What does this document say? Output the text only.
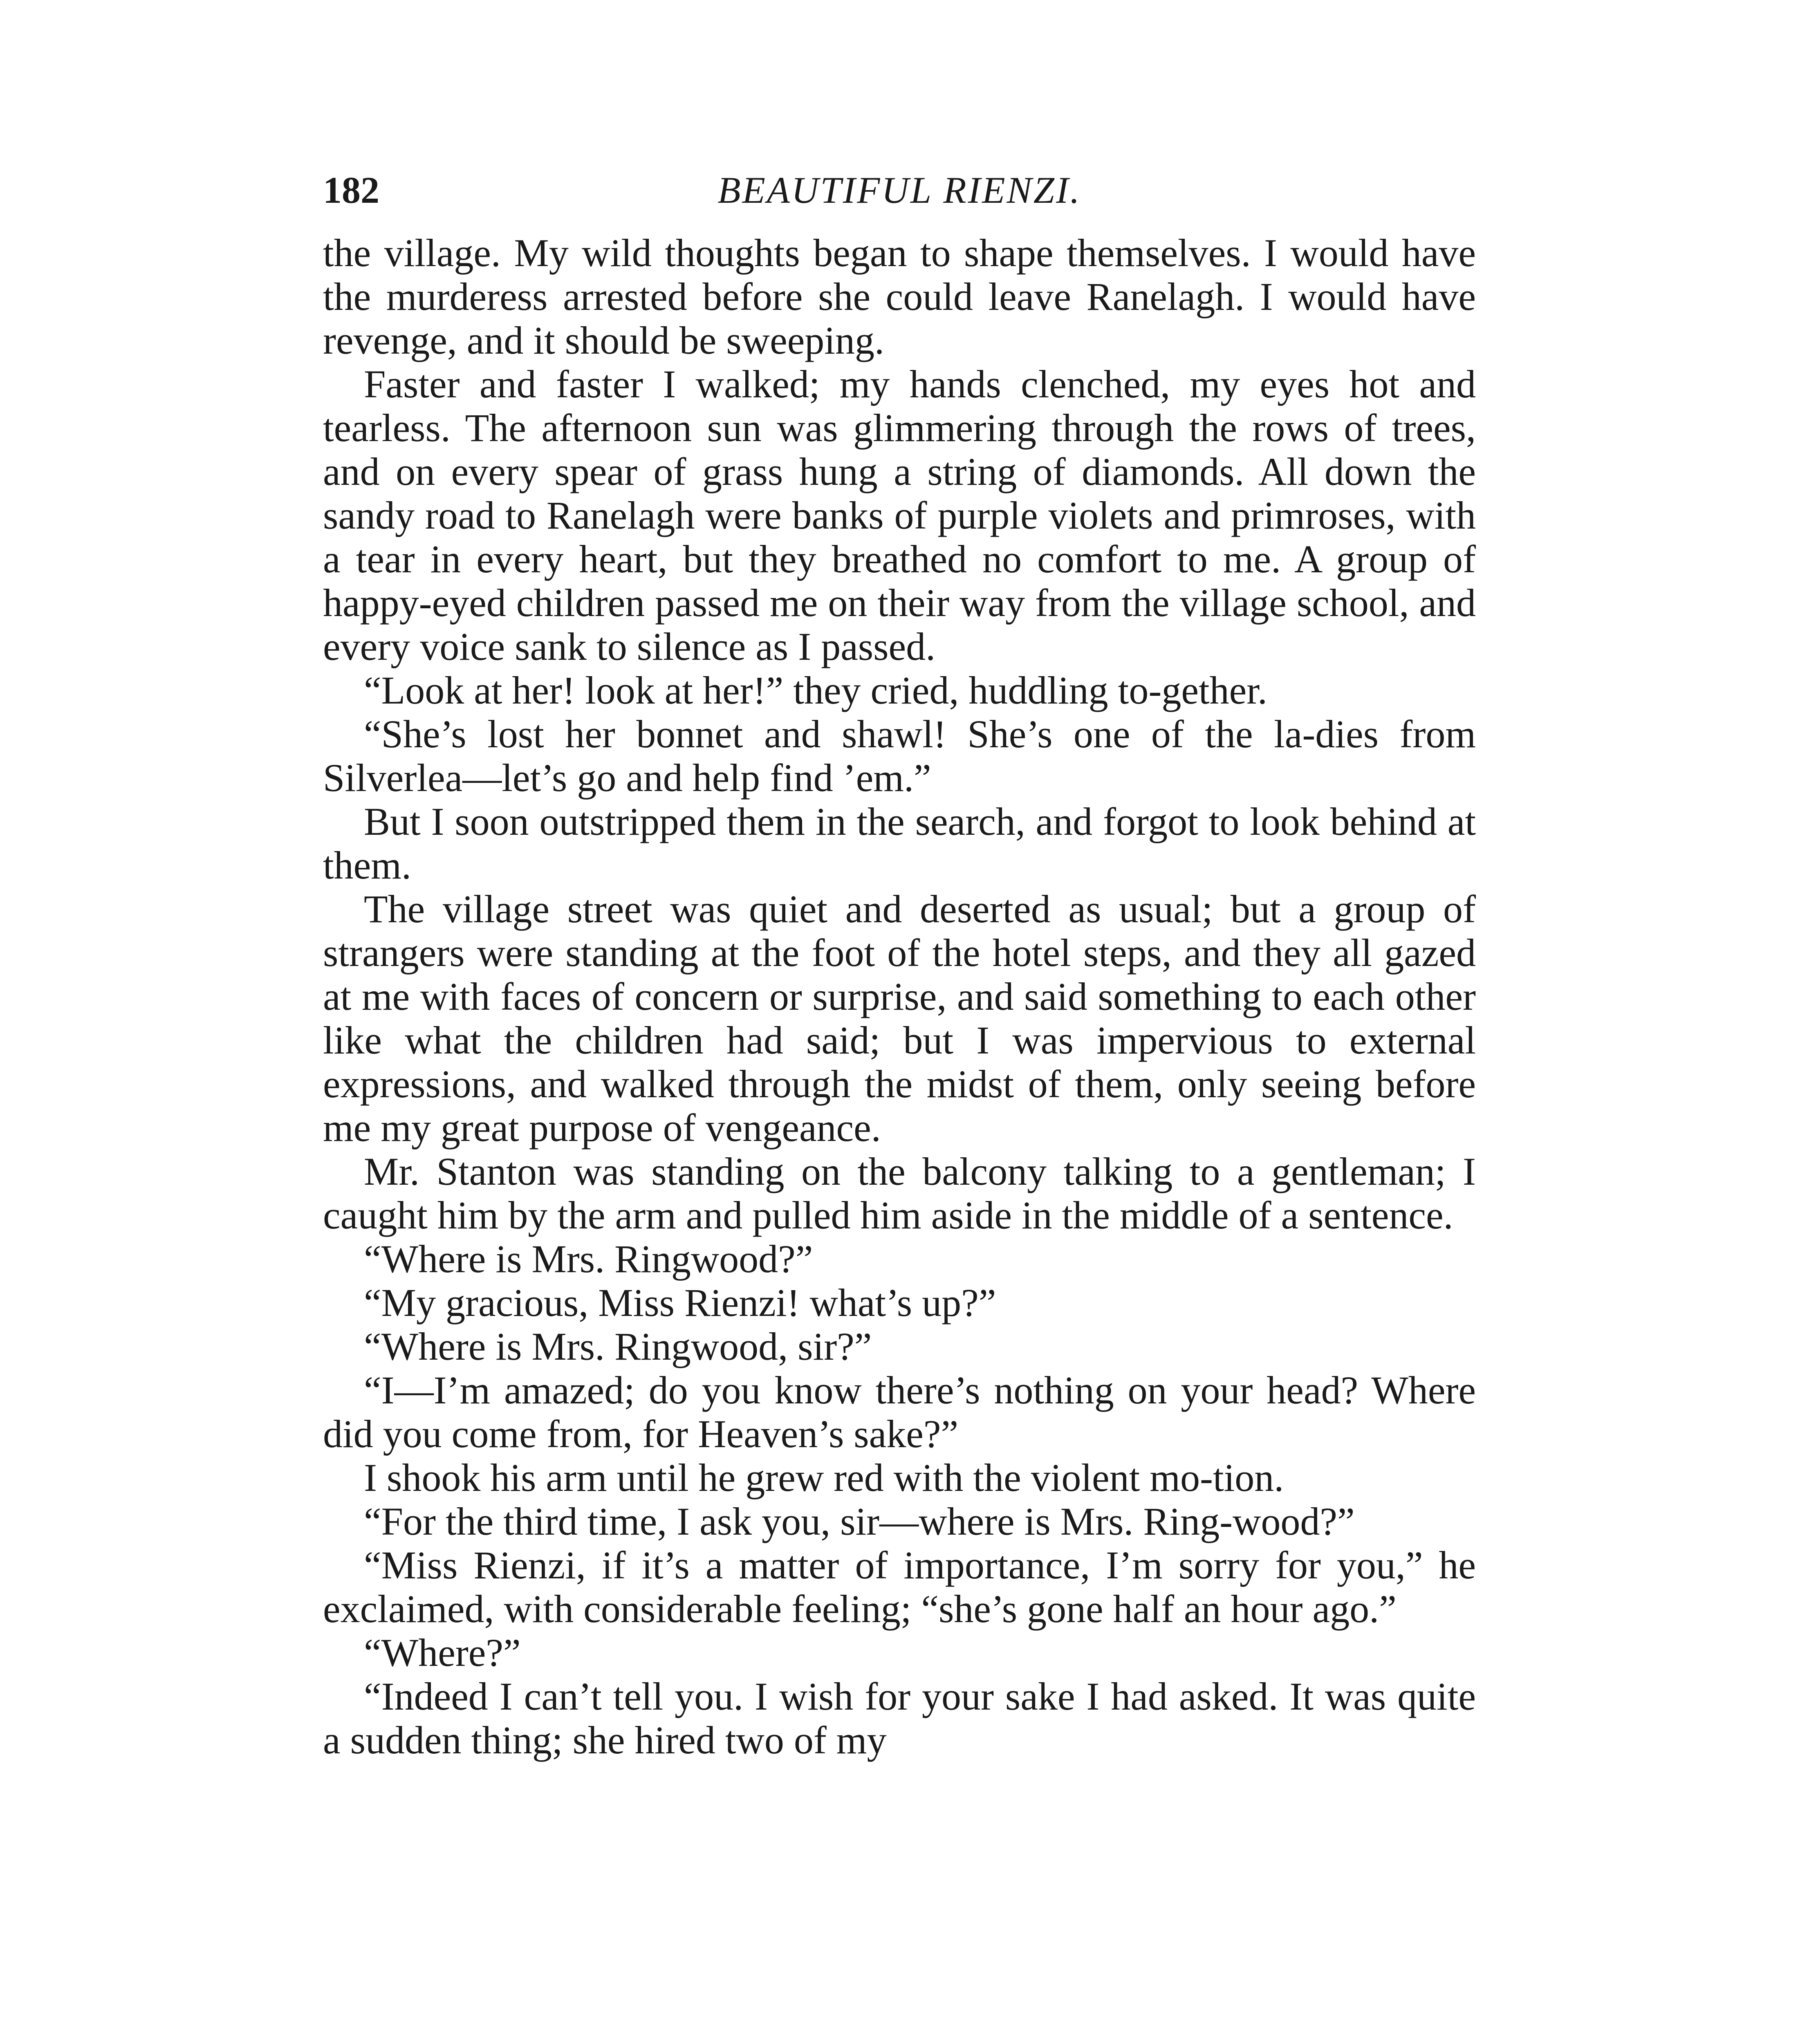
182	BEAUTIFUL RIENZI.

the village. My wild thoughts began to shape themselves. I would have the murderess arrested before she could leave Ranelagh. I would have revenge, and it should be sweeping.

Faster and faster I walked; my hands clenched, my eyes hot and tearless. The afternoon sun was glimmering through the rows of trees, and on every spear of grass hung a string of diamonds. All down the sandy road to Ranelagh were banks of purple violets and primroses, with a tear in every heart, but they breathed no comfort to me. A group of happy-eyed children passed me on their way from the village school, and every voice sank to silence as I passed.

“Look at her! look at her!” they cried, huddling to-gether.

“She’s lost her bonnet and shawl! She’s one of the la-dies from Silverlea—let’s go and help find ’em.”

But I soon outstripped them in the search, and forgot to look behind at them.

The village street was quiet and deserted as usual; but a group of strangers were standing at the foot of the hotel steps, and they all gazed at me with faces of concern or surprise, and said something to each other like what the children had said; but I was impervious to external expressions, and walked through the midst of them, only seeing before me my great purpose of vengeance.

Mr. Stanton was standing on the balcony talking to a gentleman; I caught him by the arm and pulled him aside in the middle of a sentence.

“Where is Mrs. Ringwood?”

“My gracious, Miss Rienzi! what’s up?”

“Where is Mrs. Ringwood, sir?”

“I—I’m amazed; do you know there’s nothing on your head? Where did you come from, for Heaven’s sake?”

I shook his arm until he grew red with the violent mo-tion.

“For the third time, I ask you, sir—where is Mrs. Ring-wood?”

“Miss Rienzi, if it’s a matter of importance, I’m sorry for you,” he exclaimed, with considerable feeling; “she’s gone half an hour ago.”

“Where?”

“Indeed I can’t tell you. I wish for your sake I had asked. It was quite a sudden thing; she hired two of my
